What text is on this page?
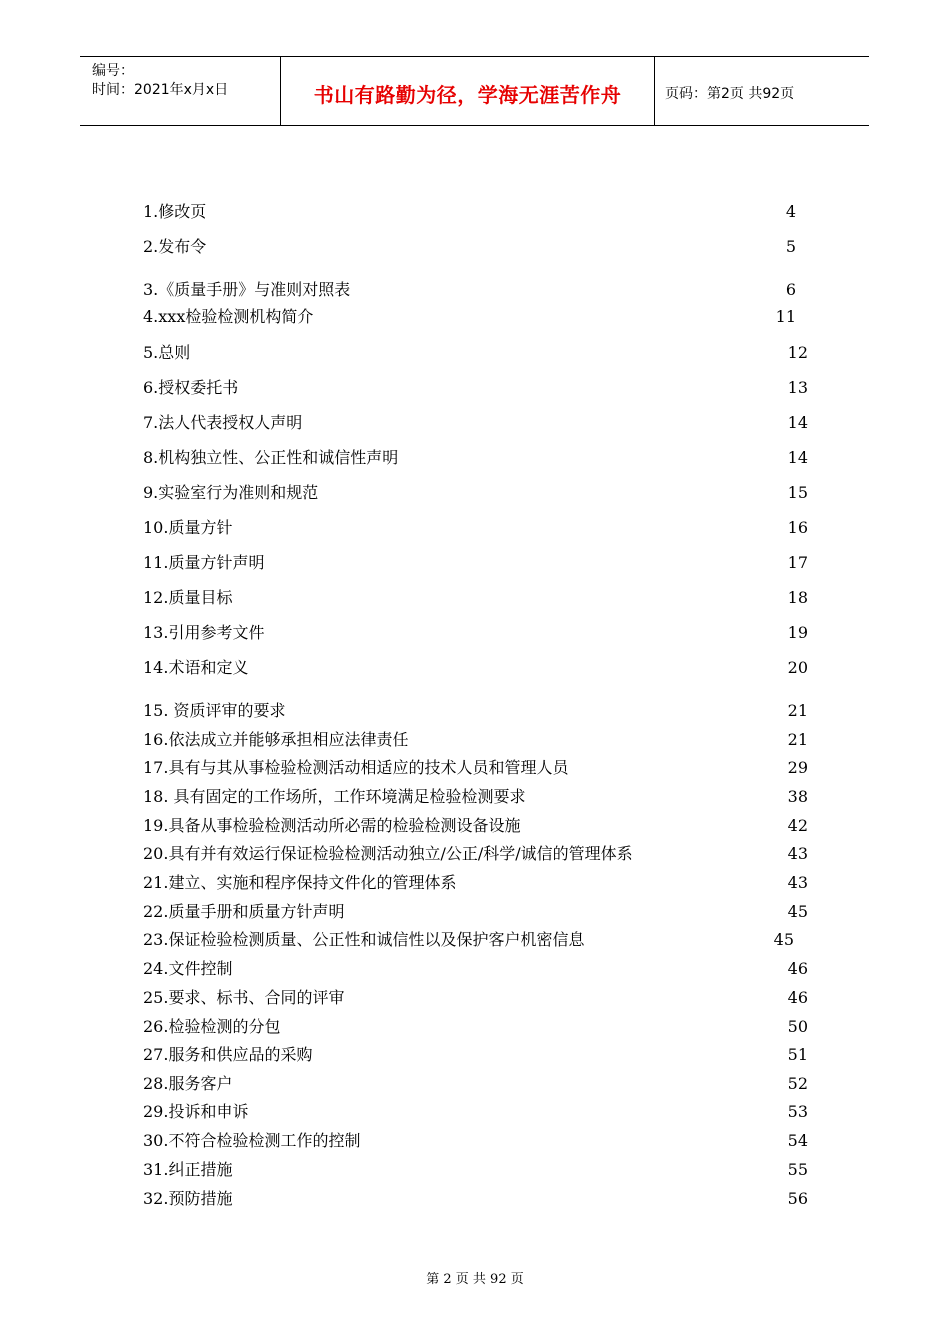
编号：
时间：2021年x月x日	书山有路勤为径，学海无涯苦作舟	页码：第2页 共92页
1.修改页	4
2.发布令	5
3.《质量手册》与准则对照表	6
4.xxx检验检测机构简介	11
5.总则	12
6.授权委托书	13
7.法人代表授权人声明	14
8.机构独立性、公正性和诚信性声明	14
9.实验室行为准则和规范	15
10.质量方针	16
11.质量方针声明	17
12.质量目标	18
13.引用参考文件	19
14.术语和定义	20
15. 资质评审的要求	21
16.依法成立并能够承担相应法律责任	21
17.具有与其从事检验检测活动相适应的技术人员和管理人员	29
18. 具有固定的工作场所，工作环境满足检验检测要求	38
19.具备从事检验检测活动所必需的检验检测设备设施	42
20.具有并有效运行保证检验检测活动独立/公正/科学/诚信的管理体系	43
21.建立、实施和程序保持文件化的管理体系	43
22.质量手册和质量方针声明	45
23.保证检验检测质量、公正性和诚信性以及保护客户机密信息	45
24.文件控制	46
25.要求、标书、合同的评审	46
26.检验检测的分包	50
27.服务和供应品的采购	51
28.服务客户	52
29.投诉和申诉	53
30.不符合检验检测工作的控制	54
31.纠正措施	55
32.预防措施	56
第 2 页 共 92 页
